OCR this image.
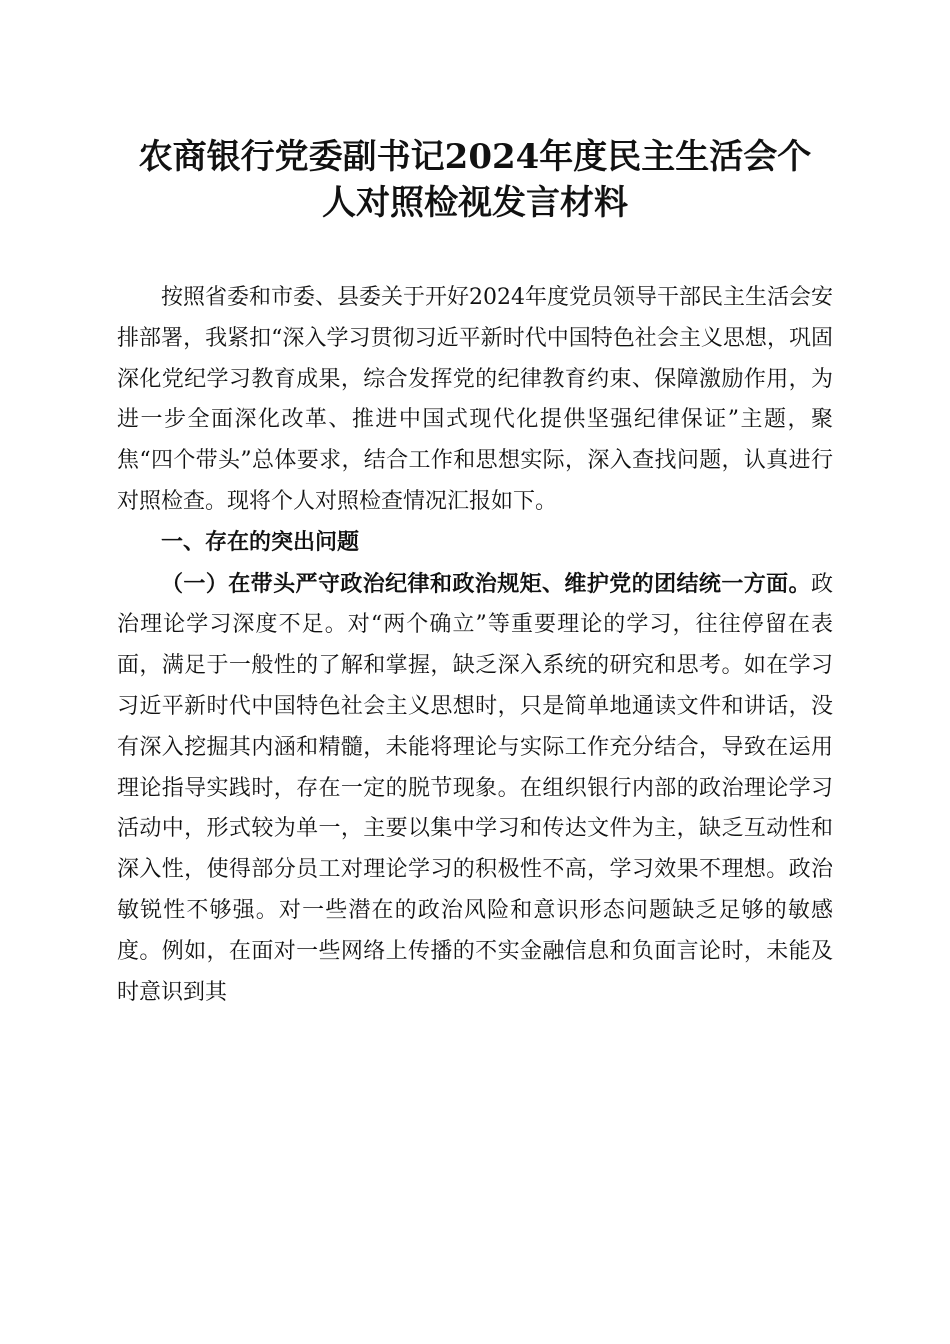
农商银行党委副书记2024年度民主生活会个
人对照检视发言材料

按照省委和市委、县委关于开好2024年度党员领导干部民主生活会安排部署，我紧扣“深入学习贯彻习近平新时代中国特色社会主义思想，巩固深化党纪学习教育成果，综合发挥党的纪律教育约束、保障激励作用，为进一步全面深化改革、推进中国式现代化提供坚强纪律保证”主题，聚焦“四个带头”总体要求，结合工作和思想实际，深入查找问题，认真进行对照检查。现将个人对照检查情况汇报如下。

一、存在的突出问题

（一）在带头严守政治纪律和政治规矩、维护党的团结统一方面。政治理论学习深度不足。对“两个确立”等重要理论的学习，往往停留在表面，满足于一般性的了解和掌握，缺乏深入系统的研究和思考。如在学习习近平新时代中国特色社会主义思想时，只是简单地通读文件和讲话，没有深入挖掘其内涵和精髓，未能将理论与实际工作充分结合，导致在运用理论指导实践时，存在一定的脱节现象。在组织银行内部的政治理论学习活动中，形式较为单一，主要以集中学习和传达文件为主，缺乏互动性和深入性，使得部分员工对理论学习的积极性不高，学习效果不理想。政治敏锐性不够强。对一些潜在的政治风险和意识形态问题缺乏足够的敏感度。例如，在面对一些网络上传播的不实金融信息和负面言论时，未能及时意识到其
